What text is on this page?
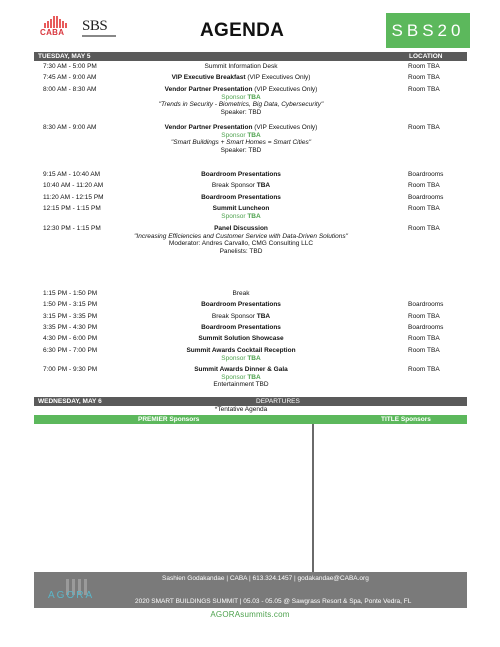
CABA SBS	AGENDA	SBS20
TUESDAY, MAY 5	LOCATION
7:30 AM - 5:00 PM	Summit Information Desk	Room TBA
7:45 AM - 9:00 AM	VIP Executive Breakfast (VIP Executives Only)	Room TBA
8:00 AM - 8:30 AM	Vendor Partner Presentation (VIP Executives Only)
Sponsor TBA
"Trends in Security - Biometrics, Big Data, Cybersecurity"
Speaker: TBD
Room TBA
8:30 AM - 9:00 AM	Vendor Partner Presentation (VIP Executives Only)
Sponsor TBA
"Smart Buildings + Smart Homes = Smart Cities"
Speaker: TBD
Room TBA
9:15 AM - 10:40 AM	Boardroom Presentations	Boardrooms
10:40 AM - 11:20 AM	Break Sponsor TBA	Room TBA
11:20 AM - 12:15 PM	Boardroom Presentations	Boardrooms
12:15 PM - 1:15 PM	Summit Luncheon
Sponsor TBA
Room TBA
12:30 PM - 1:15 PM	Panel Discussion
"Increasing Efficiencies and Customer Service with Data-Driven Solutions"
Moderator: Andres Carvallo, CMG Consulting LLC
Panelists: TBD
Room TBA
1:15 PM - 1:50 PM	Break
1:50 PM - 3:15 PM	Boardroom Presentations	Boardrooms
3:15 PM - 3:35 PM	Break Sponsor TBA	Room TBA
3:35 PM - 4:30 PM	Boardroom Presentations	Boardrooms
4:30 PM - 6:00 PM	Summit Solution Showcase	Room TBA
6:30 PM - 7:00 PM	Summit Awards Cocktail Reception
Sponsor TBA
Room TBA
7:00 PM - 9:30 PM	Summit Awards Dinner & Gala
Sponsor TBA
Entertainment TBD
Room TBA
WEDNESDAY, MAY 6	DEPARTURES
*Tentative Agenda
PREMIER Sponsors	TITLE Sponsors
AGORA
Sashien Godakandae | CABA | 613.324.1457 | godakandae@CABA.org
2020 SMART BUILDINGS SUMMIT | 05.03 - 05.05 @ Sawgrass Resort & Spa, Ponte Vedra, FL
AGORAsummits.com
